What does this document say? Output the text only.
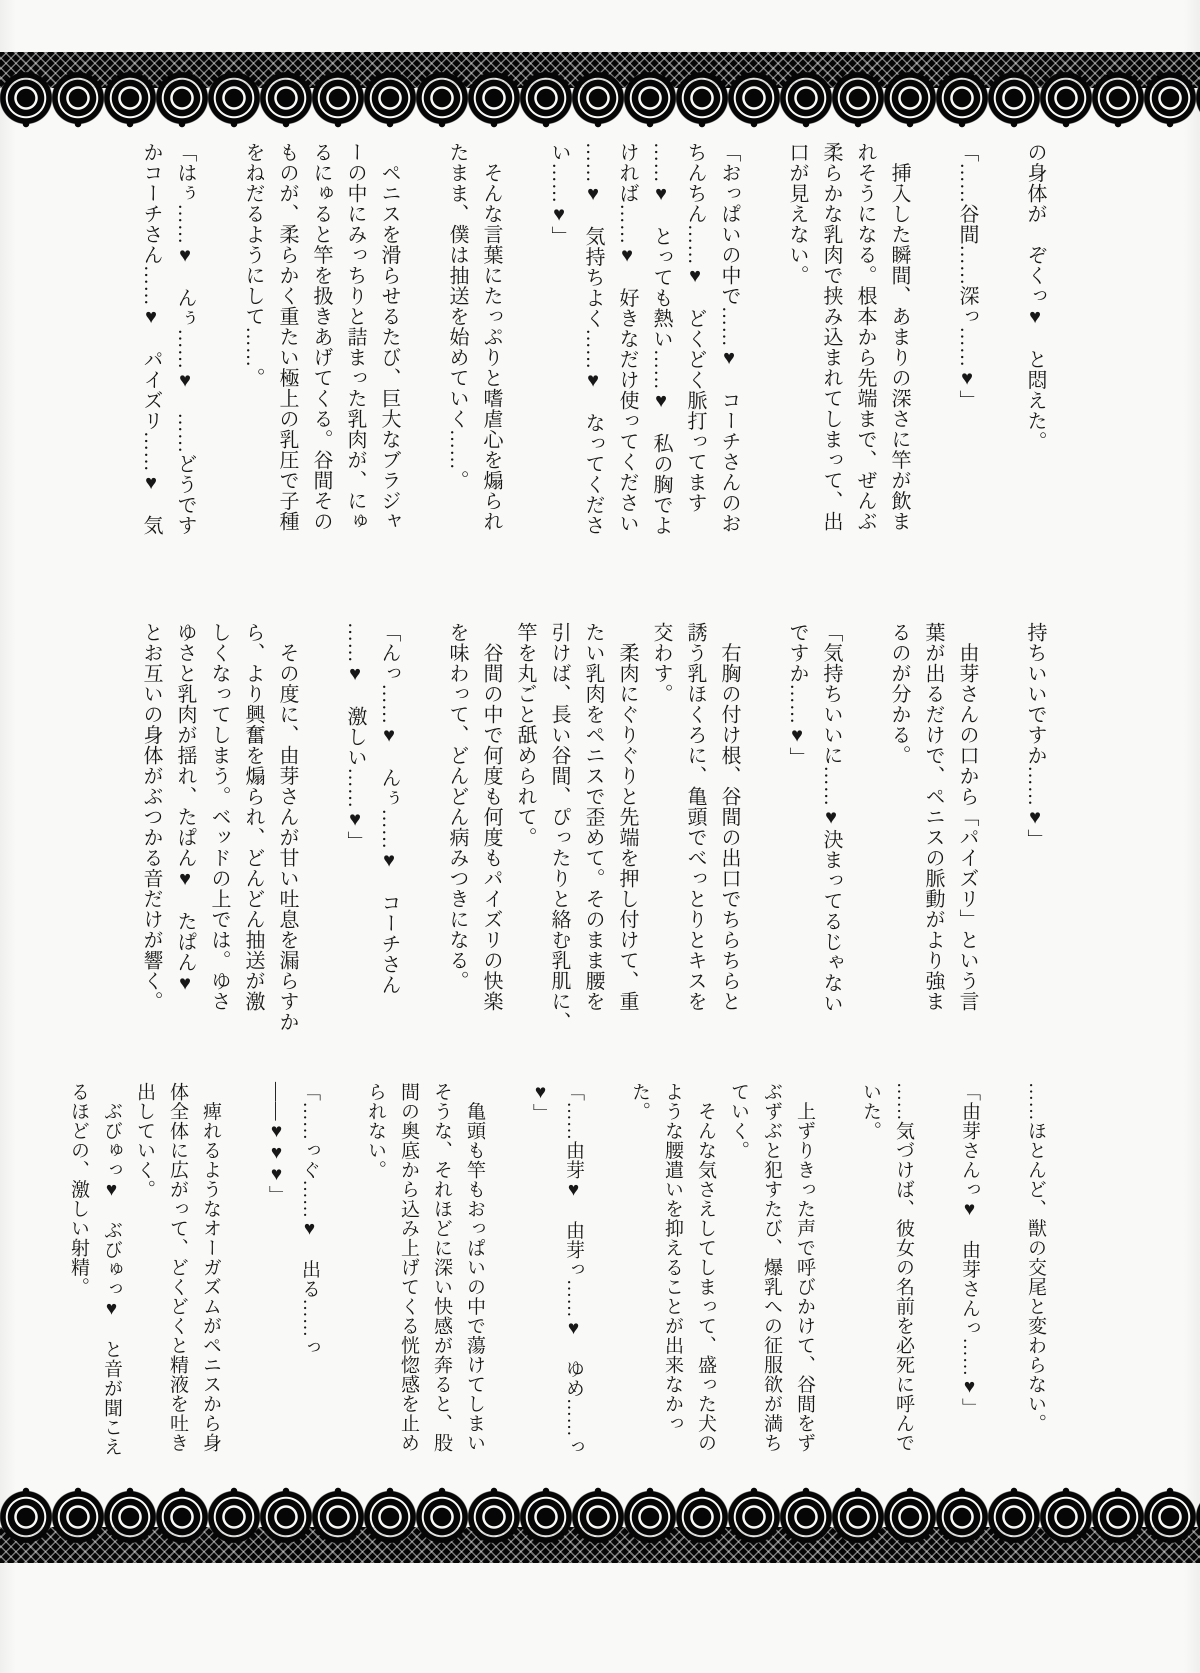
の身体が　ぞくっ♥　と悶えた。

「……谷間……深っ……♥」

　挿入した瞬間、あまりの深さに竿が飲ま

れそうになる。根本から先端まで、ぜんぶ

柔らかな乳肉で挟み込まれてしまって、出

口が見えない。

「おっぱいの中で……♥　コーチさんのお

ちんちん……♥　どくどく脈打ってます

……♥　とっても熱い……♥　私の胸でよ

ければ……♥　好きなだけ使ってください

……♥　気持ちよく……♥　なってくださ

い……♥」

　そんな言葉にたっぷりと嗜虐心を煽られ

たまま、僕は抽送を始めていく……。

　ペニスを滑らせるたび、巨大なブラジャ

ーの中にみっちりと詰まった乳肉が、にゅ

るにゅると竿を扱きあげてくる。谷間その

ものが、柔らかく重たい極上の乳圧で子種

をねだるようにして……。

「はぅ……♥　んぅ……♥　……どうです

かコーチさん……♥　パイズリ……♥　気

持ちいいですか……♥」

　由芽さんの口から「パイズリ」という言

葉が出るだけで、ペニスの脈動がより強ま

るのが分かる。

「気持ちいいに……♥決まってるじゃない

ですか……♥」

　右胸の付け根、谷間の出口でちらちらと

誘う乳ほくろに、亀頭でべっとりとキスを

交わす。

　柔肉にぐりぐりと先端を押し付けて、重

たい乳肉をペニスで歪めて。そのまま腰を

引けば、長い谷間、ぴったりと絡む乳肌に、

竿を丸ごと舐められて。

　谷間の中で何度も何度もパイズリの快楽

を味わって、どんどん病みつきになる。

「んっ……♥　んぅ……♥　コーチさん

……♥　激しい……♥」

　その度に、由芽さんが甘い吐息を漏らすか

ら、より興奮を煽られ、どんどん抽送が激

しくなってしまう。ベッドの上では。ゆさ

ゆさと乳肉が揺れ、たぱん♥　たぱん♥

とお互いの身体がぶつかる音だけが響く。

……ほとんど、獣の交尾と変わらない。

「由芽さんっ♥　由芽さんっ……♥」

……気づけば、彼女の名前を必死に呼んで

いた。

　上ずりきった声で呼びかけて、谷間をず

ぶずぶと犯すたび、爆乳への征服欲が満ち

ていく。

　そんな気さえしてしまって、盛った犬の

ような腰遣いを抑えることが出来なかった。

「……由芽♥　由芽っ……♥　ゆめ……っ

♥」

　亀頭も竿もおっぱいの中で蕩けてしまい

そうな、それほどに深い快感が奔ると、股

間の奥底から込み上げてくる恍惚感を止め

られない。

「……っぐ……♥　出る……っ――♥♥♥」

　痺れるようなオーガズムがペニスから身

体全体に広がって、どくどくと精液を吐き

出していく。

　ぶびゅっ♥　ぶびゅっ♥　と音が聞こえ

るほどの、激しい射精。
